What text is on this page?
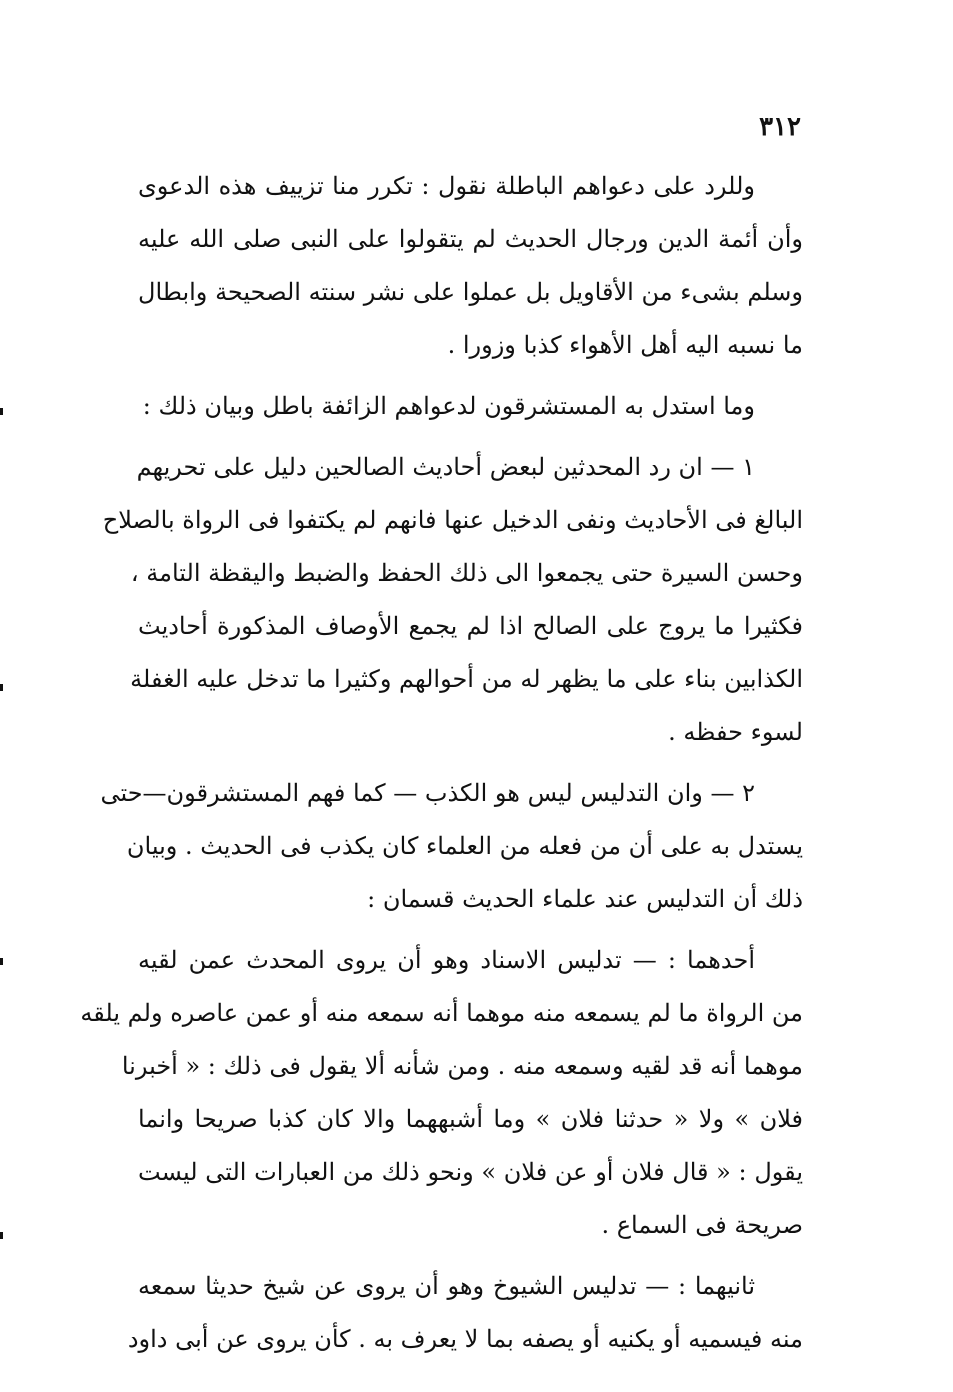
٣١٢
وللرد على دعواهم الباطلة نقول : تكرر منا تزييف هذه الدعوى
وأن أئمة الدين ورجال الحديث لم يتقولوا على النبى صلى الله عليه
وسلم بشىء من الأقاويل بل عملوا على نشر سنته الصحيحة وابطال
ما نسبه اليه أهل الأهواء كذبا وزورا .
وما استدل به المستشرقون لدعواهم الزائفة باطل وبيان ذلك :
١ — ان رد المحدثين لبعض أحاديث الصالحين دليل على تحريهم
البالغ فى الأحاديث ونفى الدخيل عنها فانهم لم يكتفوا فى الرواة بالصلاح
وحسن السيرة حتى يجمعوا الى ذلك الحفظ والضبط واليقظة التامة ،
فكثيرا ما يروج على الصالح اذا لم يجمع الأوصاف المذكورة أحاديث
الكذابين بناء على ما يظهر له من أحوالهم وكثيرا ما تدخل عليه الغفلة
لسوء حفظه .
٢ — وان التدليس ليس هو الكذب — كما فهم المستشرقون—حتى
يستدل به على أن من فعله من العلماء كان يكذب فى الحديث . وبيان
ذلك أن التدليس عند علماء الحديث قسمان :
أحدهما : — تدليس الاسناد وهو أن يروى المحدث عمن لقيه
من الرواة ما لم يسمعه منه موهما أنه سمعه منه أو عمن عاصره ولم يلقه
موهما أنه قد لقيه وسمعه منه . ومن شأنه ألا يقول فى ذلك : « أخبرنا
فلان » ولا « حدثنا فلان » وما أشبههما والا كان كذبا صريحا وانما
يقول : « قال فلان أو عن فلان » ونحو ذلك من العبارات التى ليست
صريحة فى السماع .
ثانيهما : — تدليس الشيوخ وهو أن يروى عن شيخ حديثا سمعه
منه فيسميه أو يكنيه أو يصفه بما لا يعرف به . كأن يروى عن أبى داود
